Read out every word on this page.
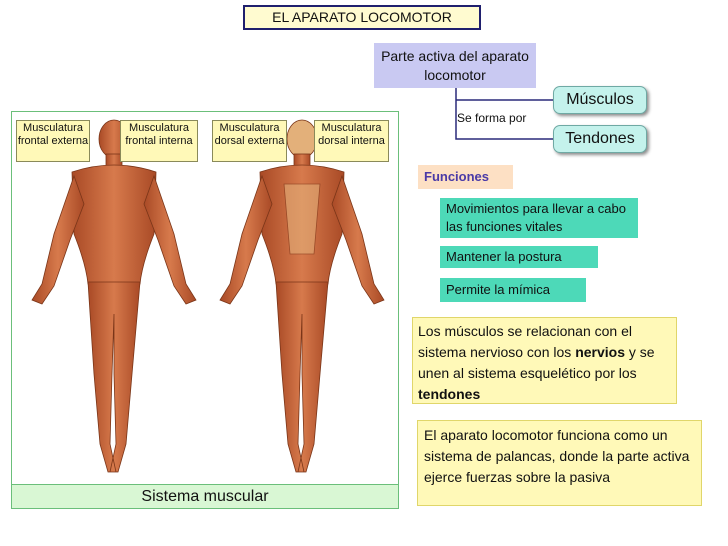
EL APARATO LOCOMOTOR
Parte activa del aparato locomotor
Se forma por
Músculos
Tendones
Funciones
Movimientos para llevar a cabo las funciones vitales
Mantener la postura
Permite la mímica
Los músculos se relacionan con el sistema nervioso con los nervios y se unen al sistema esquelético por los tendones
El aparato locomotor funciona como un sistema de palancas, donde la parte activa ejerce fuerzas sobre la pasiva
Musculatura frontal externa
Musculatura frontal interna
Musculatura dorsal externa
Musculatura dorsal interna
Sistema muscular
